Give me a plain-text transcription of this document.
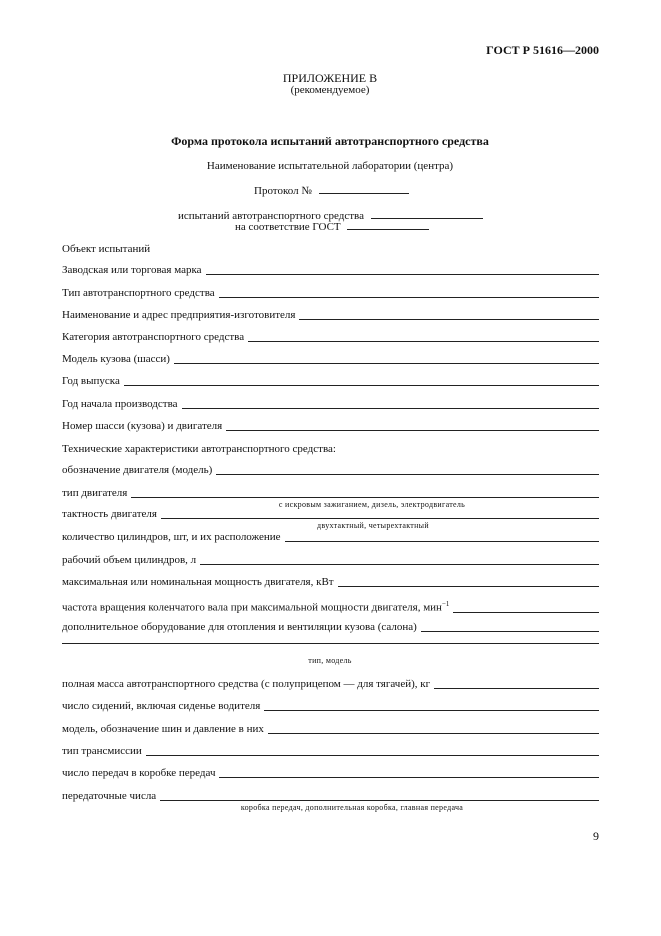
ГОСТ Р 51616—2000
ПРИЛОЖЕНИЕ В
(рекомендуемое)
Форма протокола испытаний автотранспортного средства
Наименование испытательной лаборатории (центра)
Протокол №
испытаний автотранспортного средства
на соответствие ГОСТ
Объект испытаний
Заводская или торговая марка
Тип автотранспортного средства
Наименование и адрес предприятия-изготовителя
Категория автотранспортного средства
Модель кузова (шасси)
Год выпуска
Год начала производства
Номер шасси (кузова) и двигателя
Технические характеристики автотранспортного средства:
обозначение двигателя (модель)
тип двигателя
с искровым зажиганием, дизель, электродвигатель
тактность двигателя
двухтактный, четырехтактный
количество цилиндров, шт, и их расположение
рабочий объем цилиндров, л
максимальная или номинальная мощность двигателя, кВт
частота вращения коленчатого вала при максимальной мощности двигателя, мин$^{-1}$
дополнительное оборудование для отопления и вентиляции кузова (салона)
тип, модель
полная масса автотранспортного средства (с полуприцепом — для тягачей), кг
число сидений, включая сиденье водителя
модель, обозначение шин и давление в них
тип трансмиссии
число передач в коробке передач
передаточные числа
коробка передач, дополнительная коробка, главная передача
9
